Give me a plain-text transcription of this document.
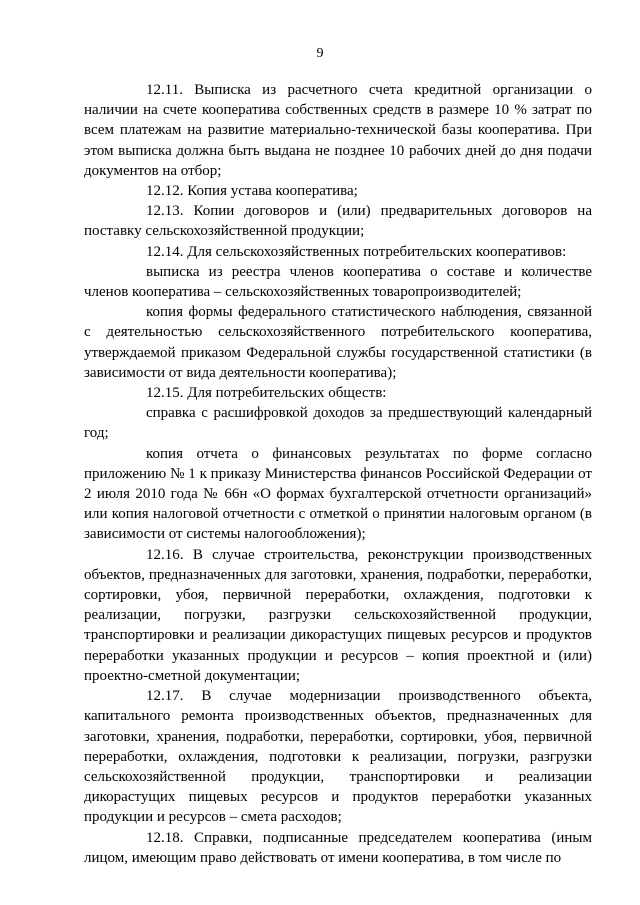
9

12.11. Выписка из расчетного счета кредитной организации о наличии на счете кооператива собственных средств в размере 10 % затрат по всем платежам на развитие материально-технической базы кооператива. При этом выписка должна быть выдана не позднее 10 рабочих дней до дня подачи документов на отбор;

12.12. Копия устава кооператива;

12.13. Копии договоров и (или) предварительных договоров на поставку сельскохозяйственной продукции;

12.14. Для сельскохозяйственных потребительских кооперативов:

выписка из реестра членов кооператива о составе и количестве членов кооператива – сельскохозяйственных товаропроизводителей;

копия формы федерального статистического наблюдения, связанной с деятельностью сельскохозяйственного потребительского кооператива, утверждаемой приказом Федеральной службы государственной статистики (в зависимости от вида деятельности кооператива);

12.15. Для потребительских обществ:

справка с расшифровкой доходов за предшествующий календарный год;

копия отчета о финансовых результатах по форме согласно приложению № 1 к приказу Министерства финансов Российской Федерации от 2 июля 2010 года № 66н «О формах бухгалтерской отчетности организаций» или копия налоговой отчетности с отметкой о принятии налоговым органом (в зависимости от системы налогообложения);

12.16. В случае строительства, реконструкции производственных объектов, предназначенных для заготовки, хранения, подработки, переработки, сортировки, убоя, первичной переработки, охлаждения, подготовки к реализации, погрузки, разгрузки сельскохозяйственной продукции, транспортировки и реализации дикорастущих пищевых ресурсов и продуктов переработки указанных продукции и ресурсов – копия проектной и (или) проектно-сметной документации;

12.17. В случае модернизации производственного объекта, капитального ремонта производственных объектов, предназначенных для заготовки, хранения, подработки, переработки, сортировки, убоя, первичной переработки, охлаждения, подготовки к реализации, погрузки, разгрузки сельскохозяйственной продукции, транспортировки и реализации дикорастущих пищевых ресурсов и продуктов переработки указанных продукции и ресурсов – смета расходов;

12.18. Справки, подписанные председателем кооператива (иным лицом, имеющим право действовать от имени кооператива, в том числе по
